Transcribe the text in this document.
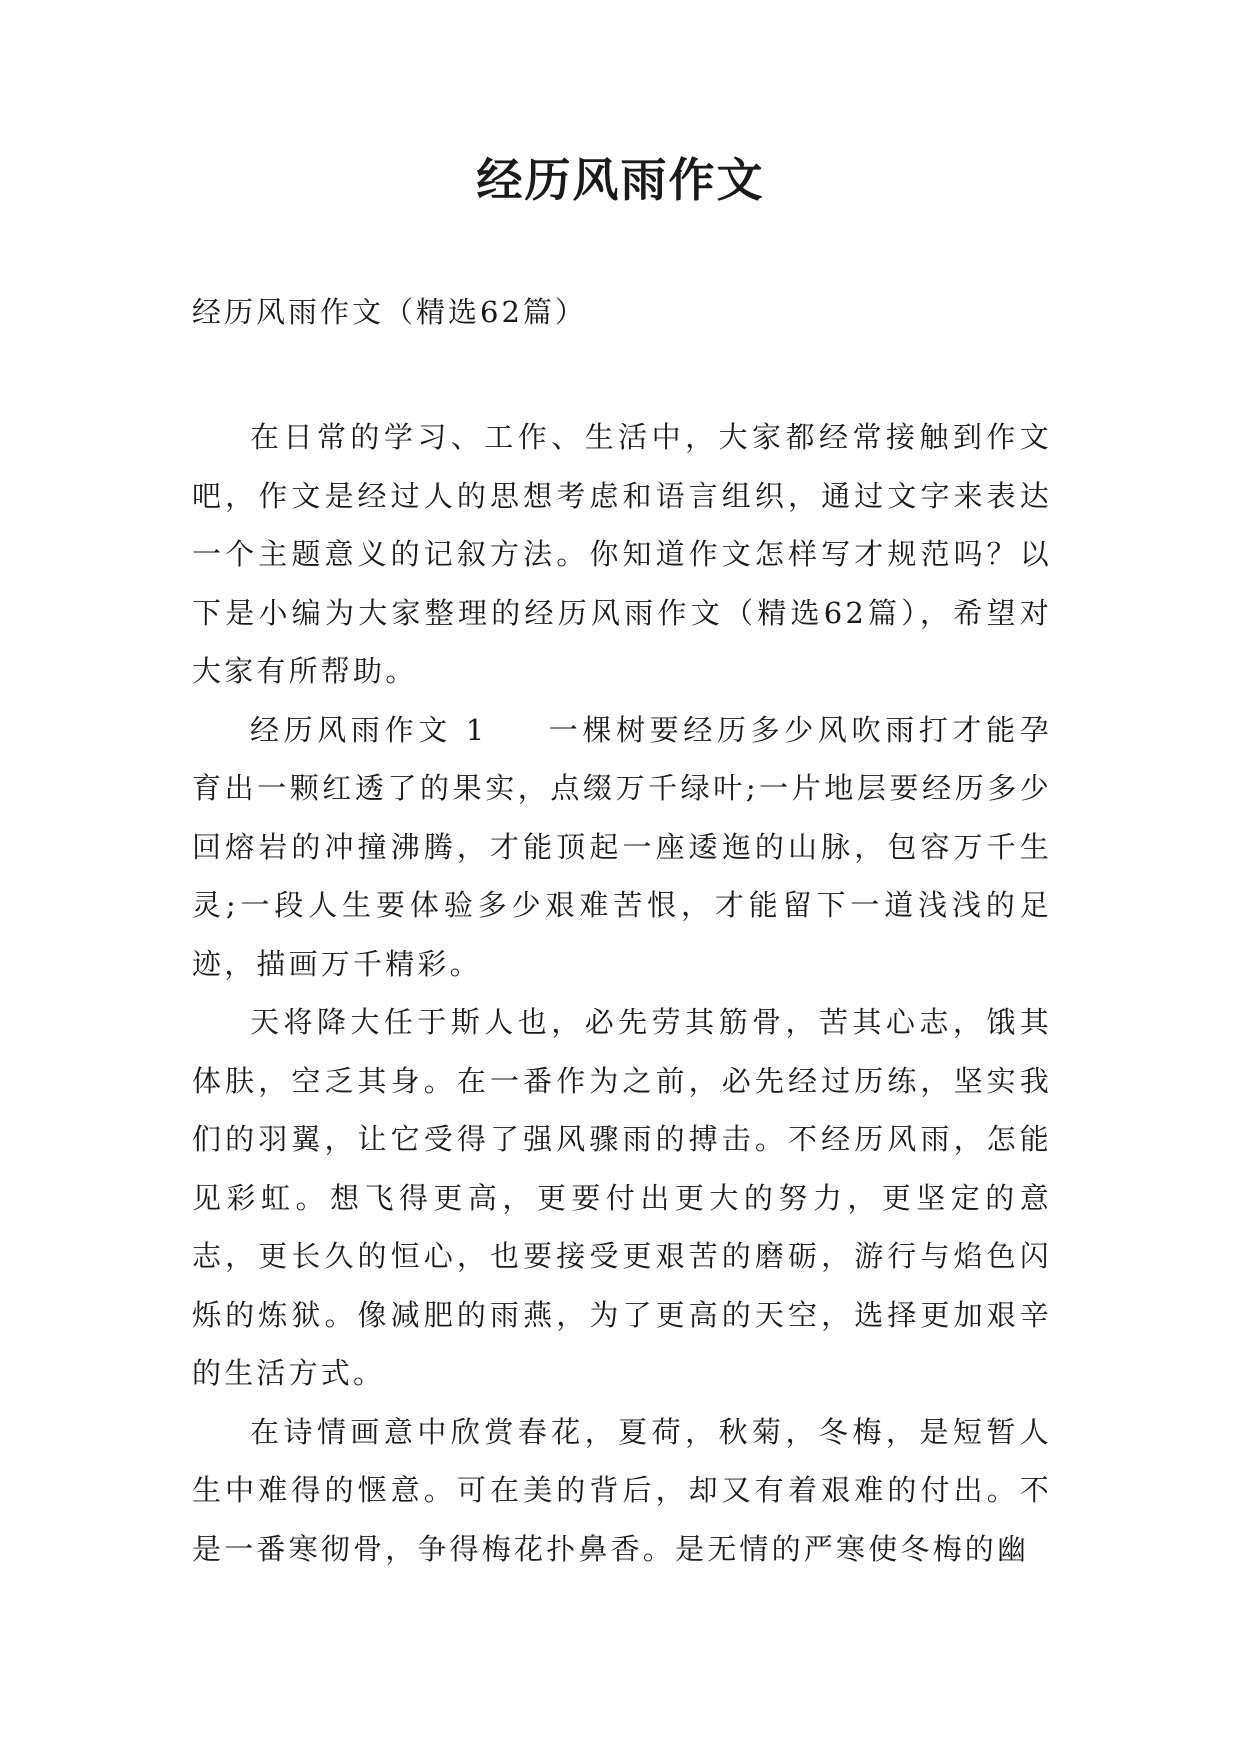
经历风雨作文

经历风雨作文（精选62篇）

在日常的学习、工作、生活中，大家都经常接触到作文吧，作文是经过人的思想考虑和语言组织，通过文字来表达一个主题意义的记叙方法。你知道作文怎样写才规范吗？以下是小编为大家整理的经历风雨作文（精选62篇），希望对大家有所帮助。

经历风雨作文 1 一棵树要经历多少风吹雨打才能孕育出一颗红透了的果实，点缀万千绿叶;一片地层要经历多少回熔岩的冲撞沸腾，才能顶起一座逶迤的山脉，包容万千生灵;一段人生要体验多少艰难苦恨，才能留下一道浅浅的足迹，描画万千精彩。

天将降大任于斯人也，必先劳其筋骨，苦其心志，饿其体肤，空乏其身。在一番作为之前，必先经过历练，坚实我们的羽翼，让它受得了强风骤雨的搏击。不经历风雨，怎能见彩虹。想飞得更高，更要付出更大的努力，更坚定的意志，更长久的恒心，也要接受更艰苦的磨砺，游行与焰色闪烁的炼狱。像减肥的雨燕，为了更高的天空，选择更加艰辛的生活方式。

在诗情画意中欣赏春花，夏荷，秋菊，冬梅，是短暂人生中难得的惬意。可在美的背后，却又有着艰难的付出。不是一番寒彻骨，争得梅花扑鼻香。是无情的严寒使冬梅的幽
